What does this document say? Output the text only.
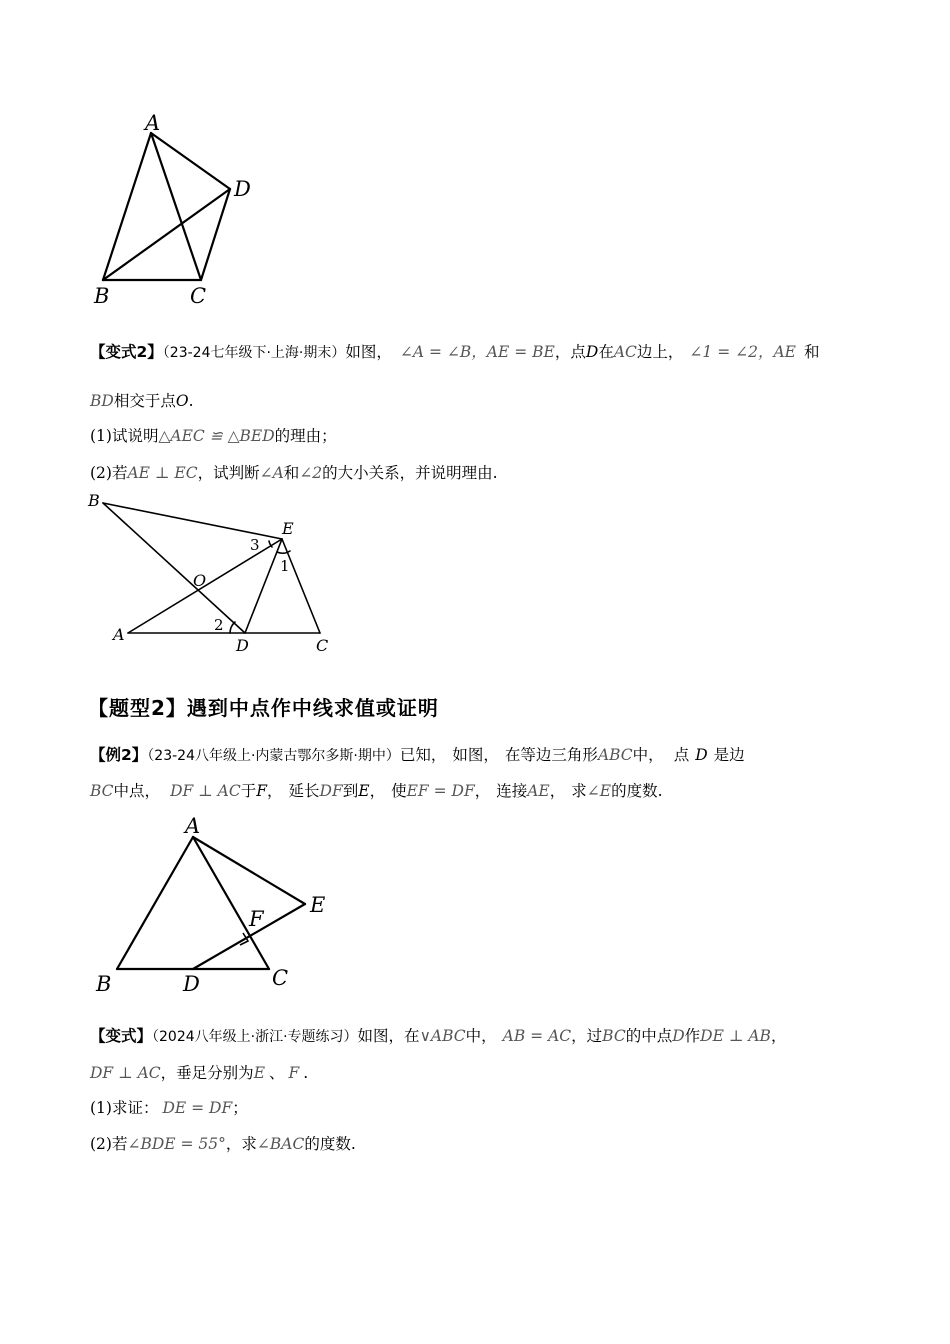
A
D
B	C
【变式2】（23-24七年级下·上海·期末）如图， ∠A = ∠B，AE = BE，点D在AC边上， ∠1 = ∠2，AE 和
BD相交于点O.
(1)试说明△AEC ≌ △BED的理由；
(2)若AE ⊥ EC，试判断∠A和∠2的大小关系，并说明理由.
B
E
O
A
D	C
3
1
2
【题型2】遇到中点作中线求值或证明
【例2】（23-24八年级上·内蒙古鄂尔多斯·期中）已知， 如图， 在等边三角形ABC中， 点 D 是边
BC中点， DF ⊥ AC于F， 延长DF到E， 使EF = DF， 连接AE， 求∠E的度数.
A
E
F
B	D	C
【变式】（2024八年级上·浙江·专题练习）如图，在∨ABC中， AB = AC，过BC的中点D作DE ⊥ AB，
DF ⊥ AC，垂足分别为E 、 F .
(1)求证： DE = DF；
(2)若∠BDE = 55°，求∠BAC的度数.
